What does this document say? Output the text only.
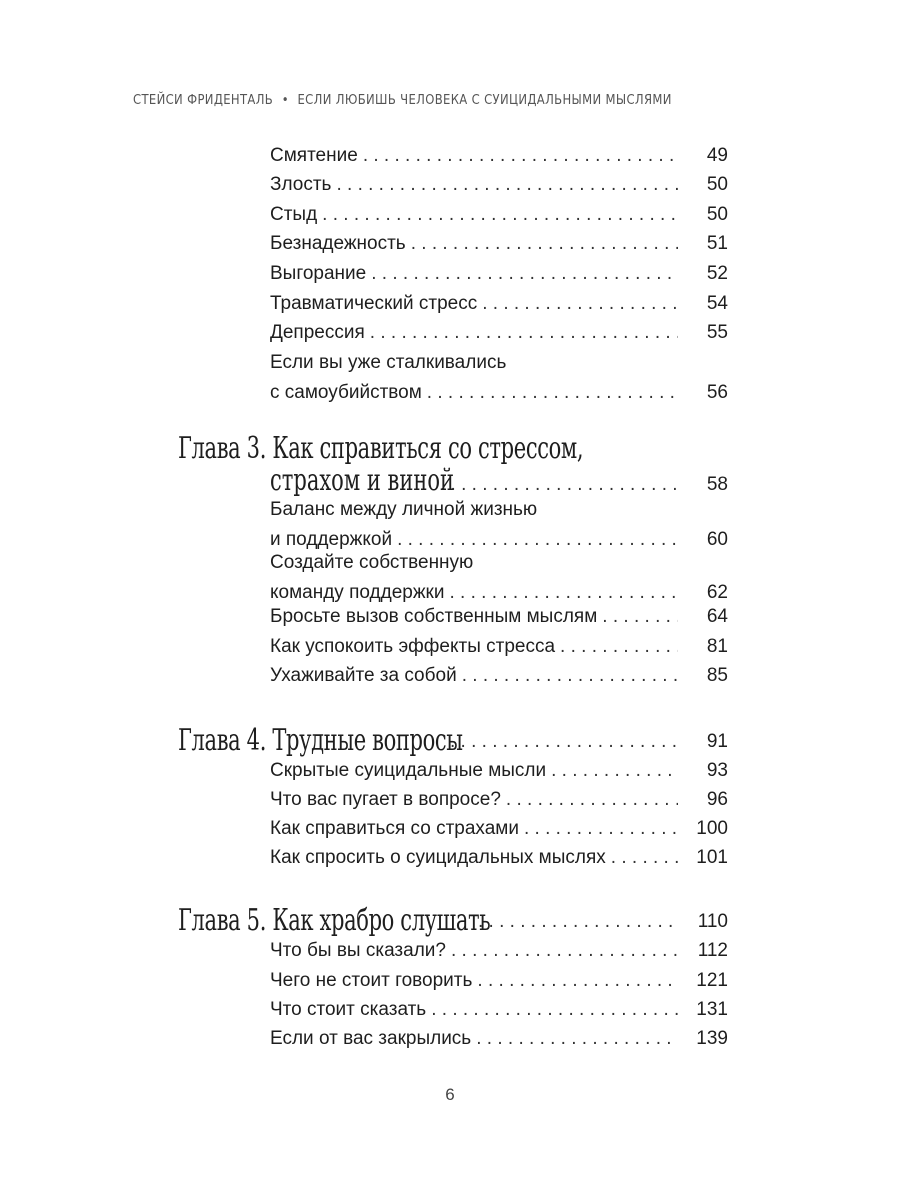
СТЕЙСИ ФРИДЕНТАЛЬ • ЕСЛИ ЛЮБИШЬ ЧЕЛОВЕКА С СУИЦИДАЛЬНЫМИ МЫСЛЯМИ
Смятение . . .	49
Злость . . .	50
Стыд . . .	50
Безнадежность . . .	51
Выгорание . . .	52
Травматический стресс . . .	54
Депрессия . . .	55
Если вы уже сталкивались
с самоубийством . . .	56
Глава 3. Как справиться со стрессом,
страхом и виной . . .	58
Баланс между личной жизнью
и поддержкой . . .	60
Создайте собственную
команду поддержки . . .	62
Бросьте вызов собственным мыслям . . .	64
Как успокоить эффекты стресса . . .	81
Ухаживайте за собой . . .	85
Глава 4. Трудные вопросы . . .	91
Скрытые суицидальные мысли . . .	93
Что вас пугает в вопросе? . . .	96
Как справиться со страхами . . .	100
Как спросить о суицидальных мыслях . . .	101
Глава 5. Как храбро слушать . . .	110
Что бы вы сказали? . . .	112
Чего не стоит говорить . . .	121
Что стоит сказать . . .	131
Если от вас закрылись . . .	139
6
